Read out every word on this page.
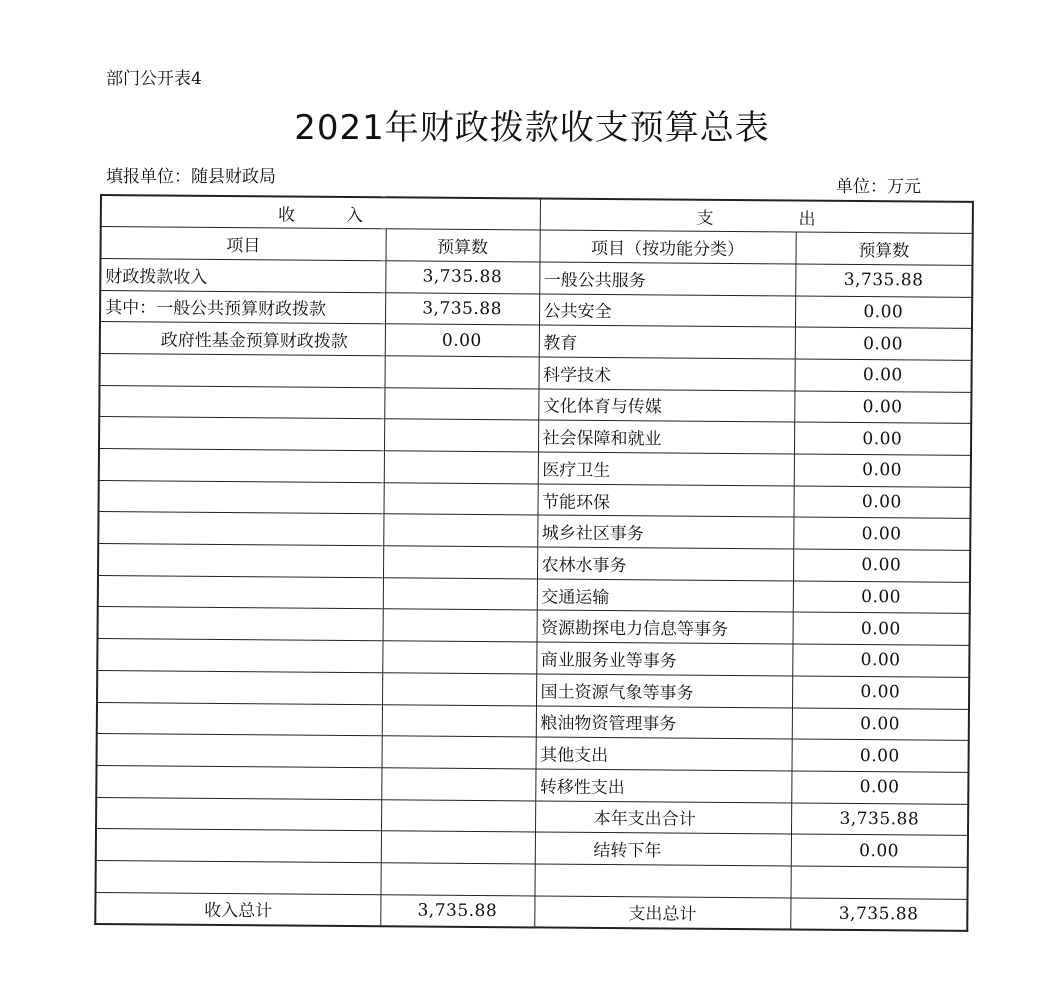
部门公开表4
2021年财政拨款收支预算总表
填报单位：随县财政局	单位：万元
收　　　入		支　　　　　出	
项目	预算数	项目（按功能分类）	预算数
财政拨款收入	3,735.88	一般公共服务	3,735.88
其中：一般公共预算财政拨款	3,735.88	公共安全	0.00
政府性基金预算财政拨款	0.00	教育	0.00
		科学技术	0.00
		文化体育与传媒	0.00
		社会保障和就业	0.00
		医疗卫生	0.00
		节能环保	0.00
		城乡社区事务	0.00
		农林水事务	0.00
		交通运输	0.00
		资源勘探电力信息等事务	0.00
		商业服务业等事务	0.00
		国土资源气象等事务	0.00
		粮油物资管理事务	0.00
		其他支出	0.00
		转移性支出	0.00
		本年支出合计	3,735.88
		结转下年	0.00

收入总计	3,735.88	支出总计	3,735.88
